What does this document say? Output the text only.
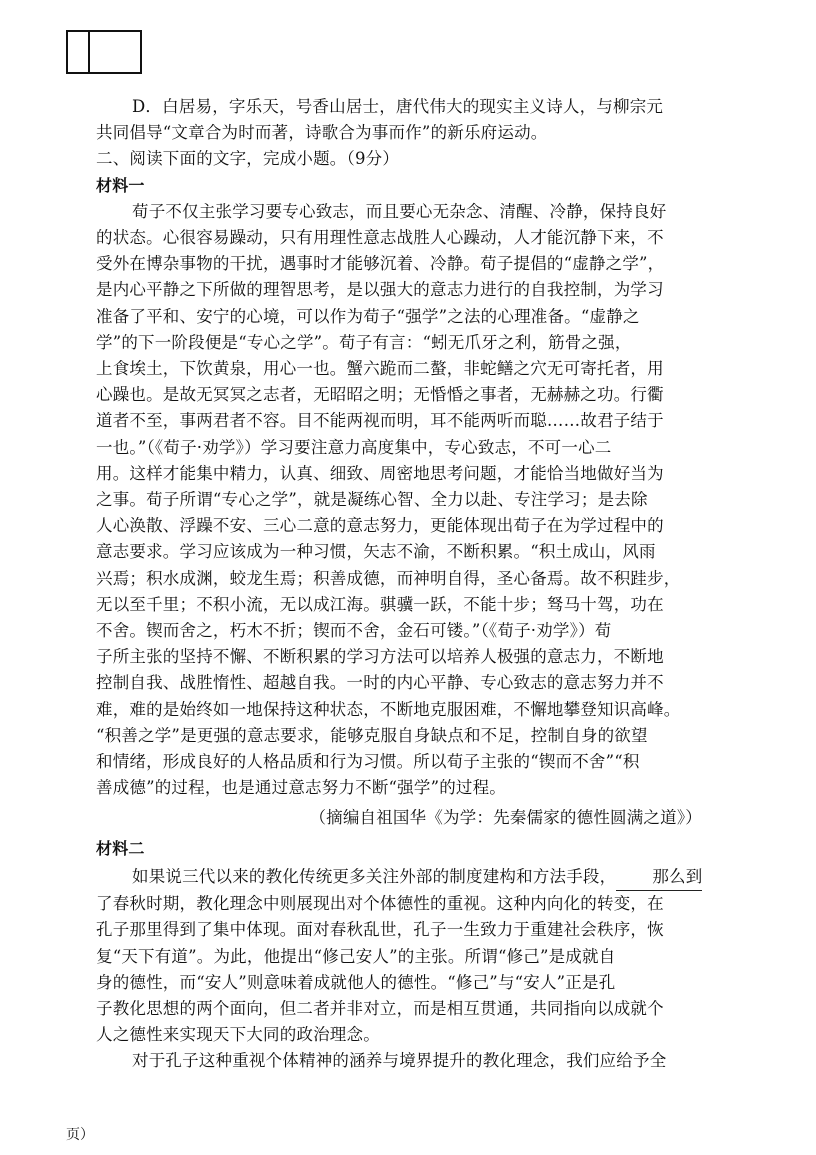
D．白居易，字乐天，号香山居士，唐代伟大的现实主义诗人，与柳宗元

共同倡导“文章合为时而著，诗歌合为事而作”的新乐府运动。

二、阅读下面的文字，完成小题。（9分）

材料一

荀子不仅主张学习要专心致志，而且要心无杂念、清醒、冷静，保持良好

的状态。心很容易躁动，只有用理性意志战胜人心躁动，人才能沉静下来，不

受外在博杂事物的干扰，遇事时才能够沉着、冷静。荀子提倡的“虚静之学”，

是内心平静之下所做的理智思考，是以强大的意志力进行的自我控制，为学习

准备了平和、安宁的心境，可以作为荀子“强学”之法的心理准备。“虚静之

学”的下一阶段便是“专心之学”。荀子有言：“蚓无爪牙之利，筋骨之强，

上食埃土，下饮黄泉，用心一也。蟹六跪而二螯，非蛇鳝之穴无可寄托者，用

心躁也。是故无冥冥之志者，无昭昭之明；无惛惛之事者，无赫赫之功。行衢

道者不至，事两君者不容。目不能两视而明，耳不能两听而聪……故君子结于

一也。”（《荀子·劝学》）学习要注意力高度集中，专心致志，不可一心二

用。这样才能集中精力，认真、细致、周密地思考问题，才能恰当地做好当为

之事。荀子所谓“专心之学”，就是凝练心智、全力以赴、专注学习；是去除

人心涣散、浮躁不安、三心二意的意志努力，更能体现出荀子在为学过程中的

意志要求。学习应该成为一种习惯，矢志不渝，不断积累。“积土成山，风雨

兴焉；积水成渊，蛟龙生焉；积善成德，而神明自得，圣心备焉。故不积跬步，

无以至千里；不积小流，无以成江海。骐骥一跃，不能十步；驽马十驾，功在

不舍。锲而舍之，朽木不折；锲而不舍，金石可镂。”（《荀子·劝学》）荀

子所主张的坚持不懈、不断积累的学习方法可以培养人极强的意志力，不断地

控制自我、战胜惰性、超越自我。一时的内心平静、专心致志的意志努力并不

难，难的是始终如一地保持这种状态，不断地克服困难，不懈地攀登知识高峰。

“积善之学”是更强的意志要求，能够克服自身缺点和不足，控制自身的欲望

和情绪，形成良好的人格品质和行为习惯。所以荀子主张的“锲而不舍”“积

善成德”的过程，也是通过意志努力不断“强学”的过程。

（摘编自祖国华《为学：先秦儒家的德性圆满之道》）

材料二

如果说三代以来的教化传统更多关注外部的制度建构和方法手段， 那么到

了春秋时期，教化理念中则展现出对个体德性的重视。这种内向化的转变，在

孔子那里得到了集中体现。面对春秋乱世，孔子一生致力于重建社会秩序，恢

复“天下有道”。为此，他提出“修己安人”的主张。所谓“修己”是成就自

身的德性，而“安人”则意味着成就他人的德性。“修己”与“安人”正是孔

子教化思想的两个面向，但二者并非对立，而是相互贯通，共同指向以成就个

人之德性来实现天下大同的政治理念。

对于孔子这种重视个体精神的涵养与境界提升的教化理念，我们应给予全

页）
